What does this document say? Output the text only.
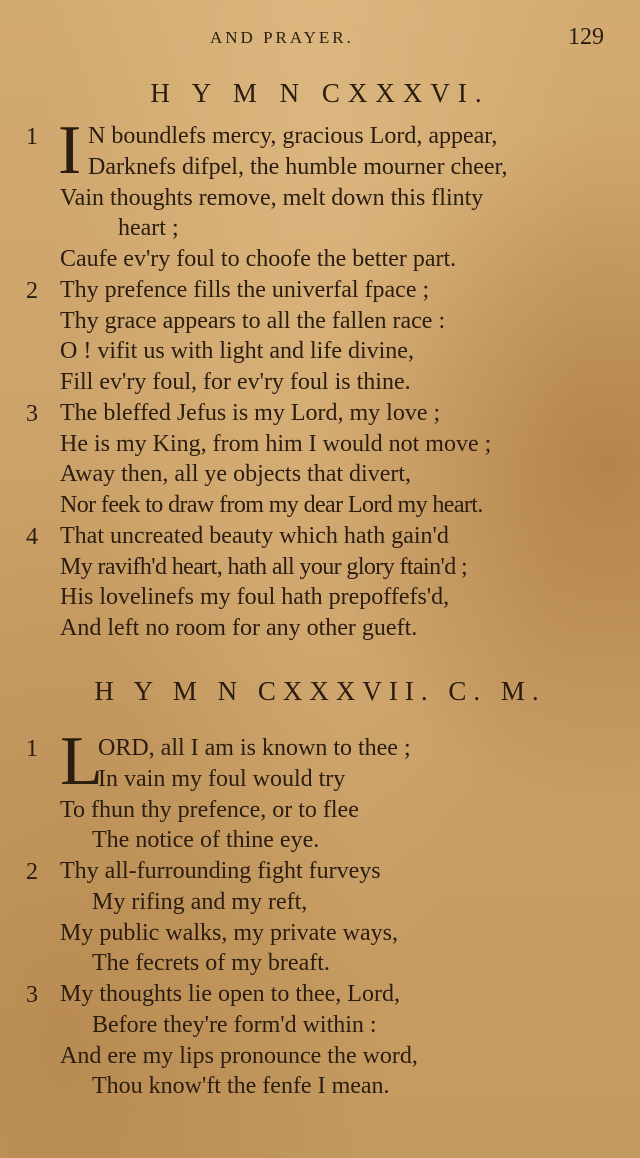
AND PRAYER.	129
H Y M N CXXXVI.
1 I N boundlefs mercy, gracious Lord, appear,
Darknefs difpel, the humble mourner cheer,
Vain thoughts remove, melt down this flinty
heart ;
Caufe ev'ry foul to choofe the better part.
2 Thy prefence fills the univerfal fpace ;
Thy grace appears to all the fallen race :
O ! vifit us with light and life divine,
Fill ev'ry foul, for ev'ry foul is thine.
3 The bleffed Jefus is my Lord, my love ;
He is my King, from him I would not move ;
Away then, all ye objects that divert,
Nor feek to draw from my dear Lord my heart.
4 That uncreated beauty which hath gain'd
My ravifh'd heart, hath all your glory ftain'd ;
His lovelinefs my foul hath prepoffefs'd,
And left no room for any other gueft.
H Y M N CXXXVII. C. M.
1 L
ORD, all I am is known to thee ;
In vain my foul would try
To fhun thy prefence, or to flee
The notice of thine eye.
2 Thy all-furrounding fight furveys
My rifing and my reft,
My public walks, my private ways,
The fecrets of my breaft.
3 My thoughts lie open to thee, Lord,
Before they're form'd within :
And ere my lips pronounce the word,
Thou know'ft the fenfe I mean.
